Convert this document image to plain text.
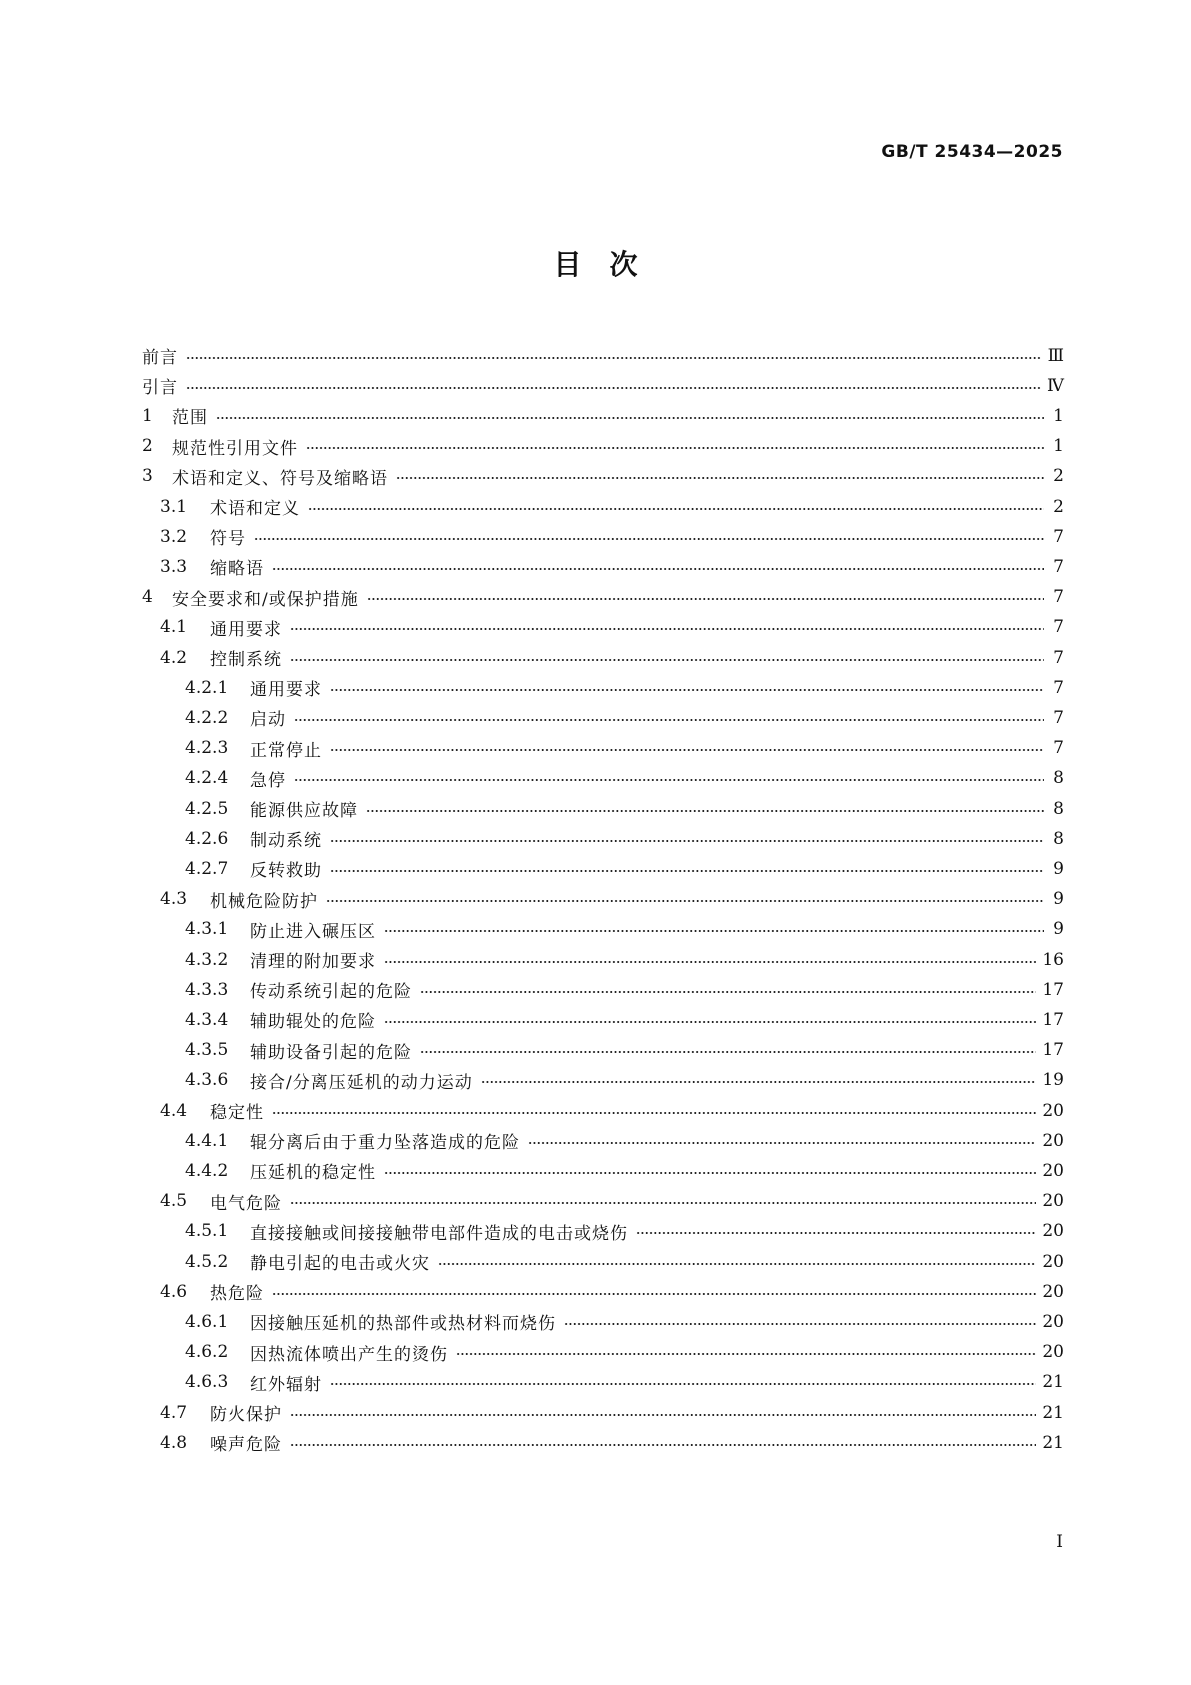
GB/T 25434—2025
目　次
前言	Ⅲ
引言	Ⅳ
1	范围	1
2	规范性引用文件	1
3	术语和定义、符号及缩略语	2
3.1	术语和定义	2
3.2	符号	7
3.3	缩略语	7
4	安全要求和/或保护措施	7
4.1	通用要求	7
4.2	控制系统	7
4.2.1	通用要求	7
4.2.2	启动	7
4.2.3	正常停止	7
4.2.4	急停	8
4.2.5	能源供应故障	8
4.2.6	制动系统	8
4.2.7	反转救助	9
4.3	机械危险防护	9
4.3.1	防止进入碾压区	9
4.3.2	清理的附加要求	16
4.3.3	传动系统引起的危险	17
4.3.4	辅助辊处的危险	17
4.3.5	辅助设备引起的危险	17
4.3.6	接合/分离压延机的动力运动	19
4.4	稳定性	20
4.4.1	辊分离后由于重力坠落造成的危险	20
4.4.2	压延机的稳定性	20
4.5	电气危险	20
4.5.1	直接接触或间接接触带电部件造成的电击或烧伤	20
4.5.2	静电引起的电击或火灾	20
4.6	热危险	20
4.6.1	因接触压延机的热部件或热材料而烧伤	20
4.6.2	因热流体喷出产生的烫伤	20
4.6.3	红外辐射	21
4.7	防火保护	21
4.8	噪声危险	21
Ⅰ
